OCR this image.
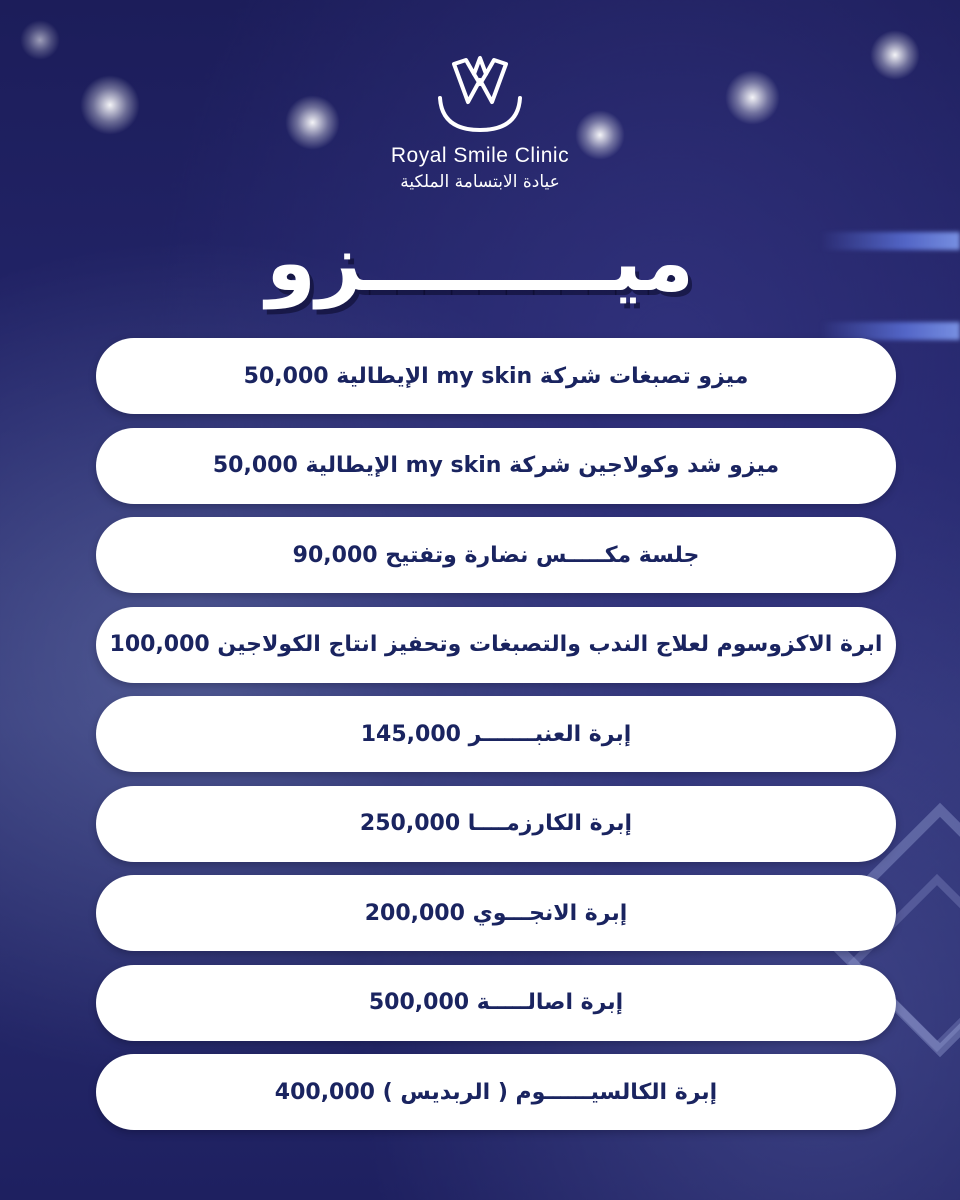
Royal Smile Clinic
عيادة الابتسامة الملكية
ميـــــــــزو
ميزو تصبغات شركة my skin الإيطالية 50,000
ميزو شد وكولاجين شركة my skin الإيطالية 50,000
جلسة مكـــــس نضارة وتفتيح 90,000
ابرة الاكزوسوم لعلاج الندب والتصبغات وتحفيز انتاج الكولاجين 100,000
إبرة العنبـــــــر 145,000
إبرة الكارزمــــا 250,000
إبرة الانجـــوي 200,000
إبرة اصالـــــة 500,000
إبرة الكالسيــــــوم ( الربديس ) 400,000
